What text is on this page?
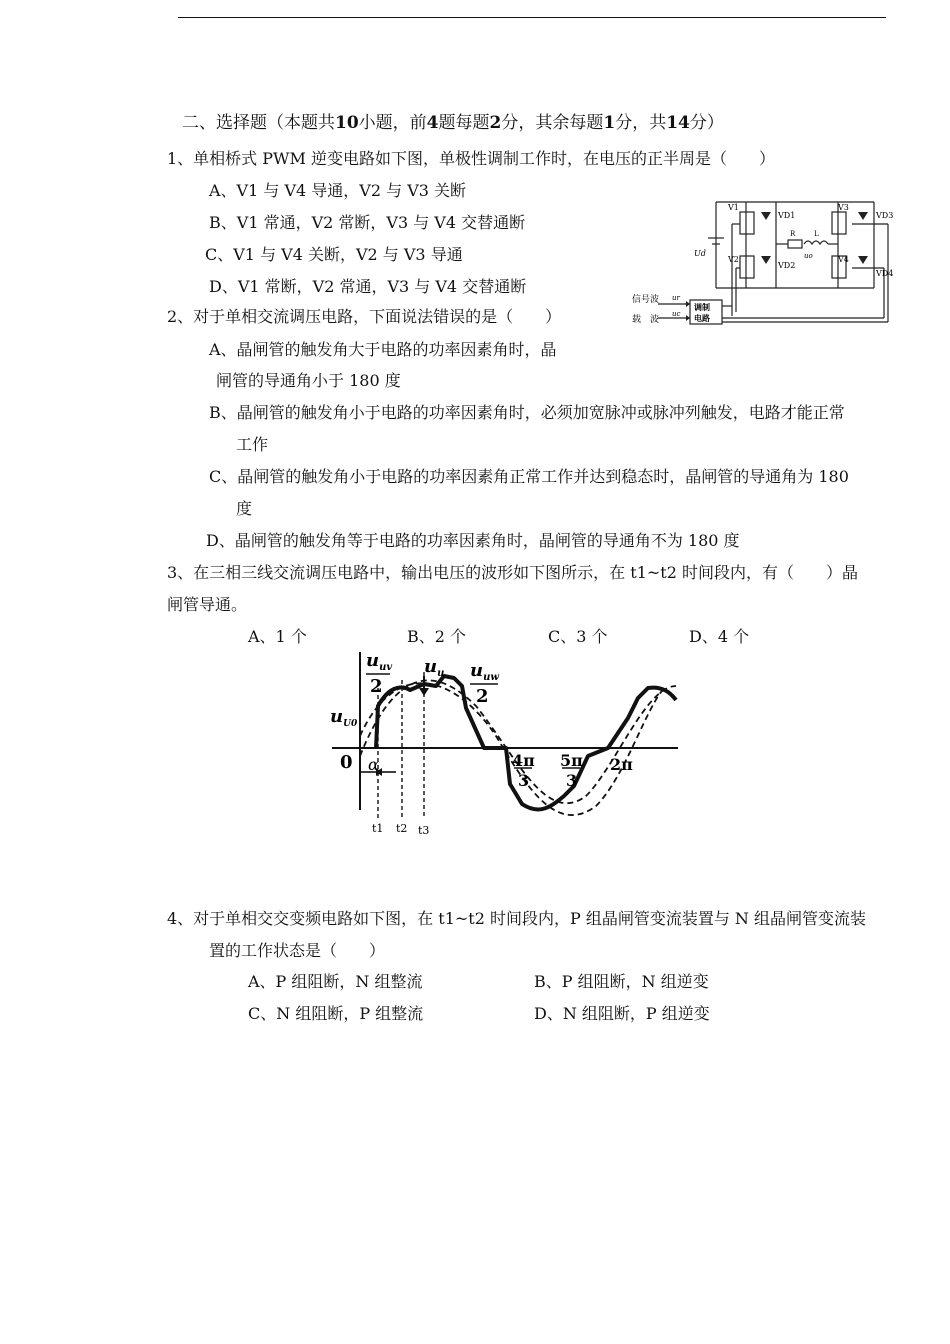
二、选择题（本题共10小题，前4题每题2分，其余每题1分，共14分）
1、单相桥式 PWM 逆变电路如下图，单极性调制工作时，在电压的正半周是（　　）
A、V1 与 V4 导通，V2 与 V3 关断
B、V1 常通，V2 常断，V3 与 V4 交替通断
C、V1 与 V4 关断，V2 与 V3 导通
D、V1 常断，V2 常通，V3 与 V4 交替通断
V1
VD1
V2
VD2
V3
VD3
V4
VD4
Ud
R	L
uo
信号波
载　波
ur
uc
调制
电路
2、对于单相交流调压电路，下面说法错误的是（　　）
A、晶闸管的触发角大于电路的功率因素角时，晶
闸管的导通角小于 180 度
B、晶闸管的触发角小于电路的功率因素角时，必须加宽脉冲或脉冲列触发，电路才能正常
工作
C、晶闸管的触发角小于电路的功率因素角正常工作并达到稳态时，晶闸管的导通角为 180
度
D、晶闸管的触发角等于电路的功率因素角时，晶闸管的导通角不为 180 度
3、在三相三线交流调压电路中，输出电压的波形如下图所示，在 t1~t2 时间段内，有（　　）晶
闸管导通。
A、1 个	B、2 个	C、3 个	D、4 个
$u_{uv}$
2
$u_u$ $u_{uw}$
2
$u_{U0}$
0 α	4π
3
5π
3
2π
t1 t2 t3
4、对于单相交交变频电路如下图，在 t1~t2 时间段内，P 组晶闸管变流装置与 N 组晶闸管变流装
置的工作状态是（　　）
A、P 组阻断，N 组整流	B、P 组阻断，N 组逆变
C、N 组阻断，P 组整流	D、N 组阻断，P 组逆变
